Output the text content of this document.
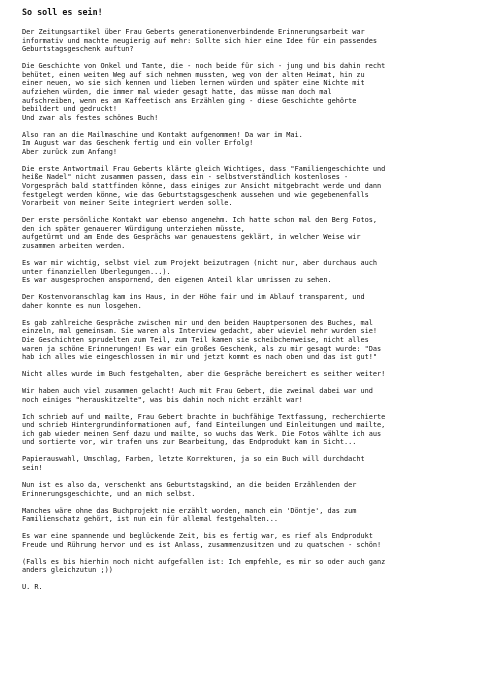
So soll es sein!
Der Zeitungsartikel über Frau Geberts generationenverbindende Erinnerungsarbeit war
informativ und machte neugierig auf mehr: Sollte sich hier eine Idee für ein passendes
Geburtstagsgeschenk auftun?
Die Geschichte von Onkel und Tante, die - noch beide für sich - jung und bis dahin recht
behütet, einen weiten Weg auf sich nehmen mussten, weg von der alten Heimat, hin zu
einer neuen, wo sie sich kennen und lieben lernen würden und später eine Nichte mit
aufziehen würden, die immer mal wieder gesagt hatte, das müsse man doch mal
aufschreiben, wenn es am Kaffeetisch ans Erzählen ging - diese Geschichte gehörte
bebildert und gedruckt!
Und zwar als festes schönes Buch!
Also ran an die Mailmaschine und Kontakt aufgenommen! Da war im Mai.
Im August war das Geschenk fertig und ein voller Erfolg!
Aber zurück zum Anfang!
Die erste Antwortmail Frau Geberts klärte gleich Wichtiges, dass "Familiengeschichte und
heiße Nadel" nicht zusammen passen, dass ein - selbstverständlich kostenloses -
Vorgespräch bald stattfinden könne, dass einiges zur Ansicht mitgebracht werde und dann
festgelegt werden könne, wie das Geburtstagsgeschenk aussehen und wie gegebenenfalls
Vorarbeit von meiner Seite integriert werden solle.
Der erste persönliche Kontakt war ebenso angenehm. Ich hatte schon mal den Berg Fotos,
den ich später genauerer Würdigung unterziehen müsste,
aufgetürmt und am Ende des Gesprächs war genauestens geklärt, in welcher Weise wir
zusammen arbeiten werden.
Es war mir wichtig, selbst viel zum Projekt beizutragen (nicht nur, aber durchaus auch
unter finanziellen Überlegungen...).
Es war ausgesprochen anspornend, den eigenen Anteil klar umrissen zu sehen.
Der Kostenvoranschlag kam ins Haus, in der Höhe fair und im Ablauf transparent, und
daher konnte es nun losgehen.
Es gab zahlreiche Gespräche zwischen mir und den beiden Hauptpersonen des Buches, mal
einzeln, mal gemeinsam. Sie waren als Interview gedacht, aber wieviel mehr wurden sie!
Die Geschichten sprudelten zum Teil, zum Teil kamen sie scheibchenweise, nicht alles
waren ja schöne Erinnerungen! Es war ein großes Geschenk, als zu mir gesagt wurde: "Das
hab ich alles wie eingeschlossen in mir und jetzt kommt es nach oben und das ist gut!"
Nicht alles wurde im Buch festgehalten, aber die Gespräche bereichert es seither weiter!
Wir haben auch viel zusammen gelacht! Auch mit Frau Gebert, die zweimal dabei war und
noch einiges "herauskitzelte", was bis dahin noch nicht erzählt war!
Ich schrieb auf und mailte, Frau Gebert brachte in buchfähige Textfassung, recherchierte
und schrieb Hintergrundinformationen auf, fand Einteilungen und Einleitungen und mailte,
ich gab wieder meinen Senf dazu und mailte, so wuchs das Werk. Die Fotos wählte ich aus
und sortierte vor, wir trafen uns zur Bearbeitung, das Endprodukt kam in Sicht...
Papierauswahl, Umschlag, Farben, letzte Korrekturen, ja so ein Buch will durchdacht
sein!
Nun ist es also da, verschenkt ans Geburtstagskind, an die beiden Erzählenden der
Erinnerungsgeschichte, und an mich selbst.
Manches wäre ohne das Buchprojekt nie erzählt worden, manch ein 'Döntje', das zum
Familienschatz gehört, ist nun ein für allemal festgehalten...
Es war eine spannende und beglückende Zeit, bis es fertig war, es rief als Endprodukt
Freude und Rührung hervor und es ist Anlass, zusammenzusitzen und zu quatschen - schön!
(Falls es bis hierhin noch nicht aufgefallen ist: Ich empfehle, es mir so oder auch ganz
anders gleichzutun ;))
U. R.
